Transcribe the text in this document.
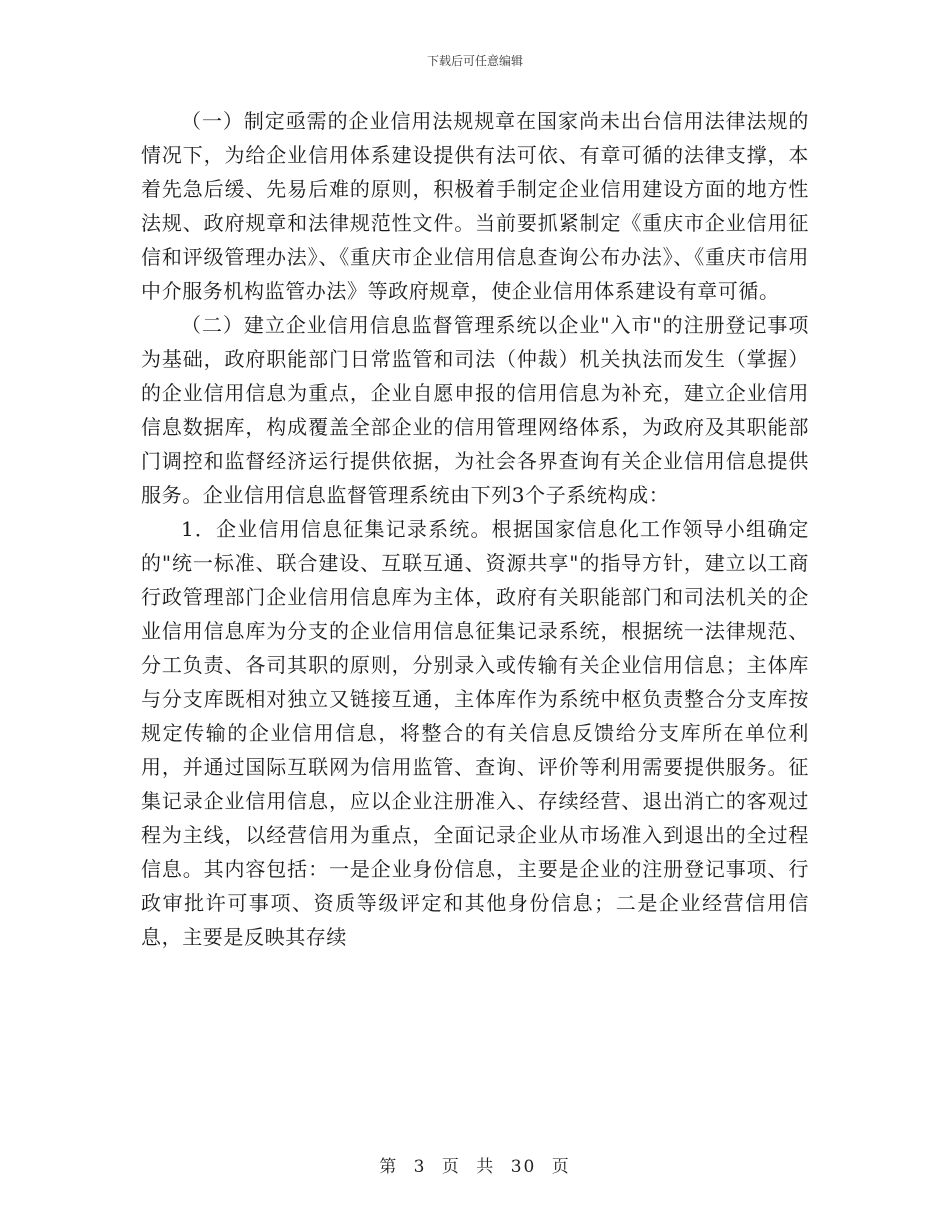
下载后可任意编辑

（一）制定亟需的企业信用法规规章在国家尚未出台信用法律法规的情况下，为给企业信用体系建设提供有法可依、有章可循的法律支撑，本着先急后缓、先易后难的原则，积极着手制定企业信用建设方面的地方性法规、政府规章和法律规范性文件。当前要抓紧制定《重庆市企业信用征信和评级管理办法》、《重庆市企业信用信息查询公布办法》、《重庆市信用中介服务机构监管办法》等政府规章，使企业信用体系建设有章可循。

（二）建立企业信用信息监督管理系统以企业"入市"的注册登记事项为基础，政府职能部门日常监管和司法（仲裁）机关执法而发生（掌握）的企业信用信息为重点，企业自愿申报的信用信息为补充，建立企业信用信息数据库，构成覆盖全部企业的信用管理网络体系，为政府及其职能部门调控和监督经济运行提供依据，为社会各界查询有关企业信用信息提供服务。企业信用信息监督管理系统由下列3个子系统构成：

1．企业信用信息征集记录系统。根据国家信息化工作领导小组确定的"统一标准、联合建设、互联互通、资源共享"的指导方针，建立以工商行政管理部门企业信用信息库为主体，政府有关职能部门和司法机关的企业信用信息库为分支的企业信用信息征集记录系统，根据统一法律规范、分工负责、各司其职的原则，分别录入或传输有关企业信用信息；主体库与分支库既相对独立又链接互通，主体库作为系统中枢负责整合分支库按规定传输的企业信用信息，将整合的有关信息反馈给分支库所在单位利用，并通过国际互联网为信用监管、查询、评价等利用需要提供服务。征集记录企业信用信息，应以企业注册准入、存续经营、退出消亡的客观过程为主线，以经营信用为重点，全面记录企业从市场准入到退出的全过程信息。其内容包括：一是企业身份信息，主要是企业的注册登记事项、行政审批许可事项、资质等级评定和其他身份信息；二是企业经营信用信息，主要是反映其存续

第 3 页 共 30 页
